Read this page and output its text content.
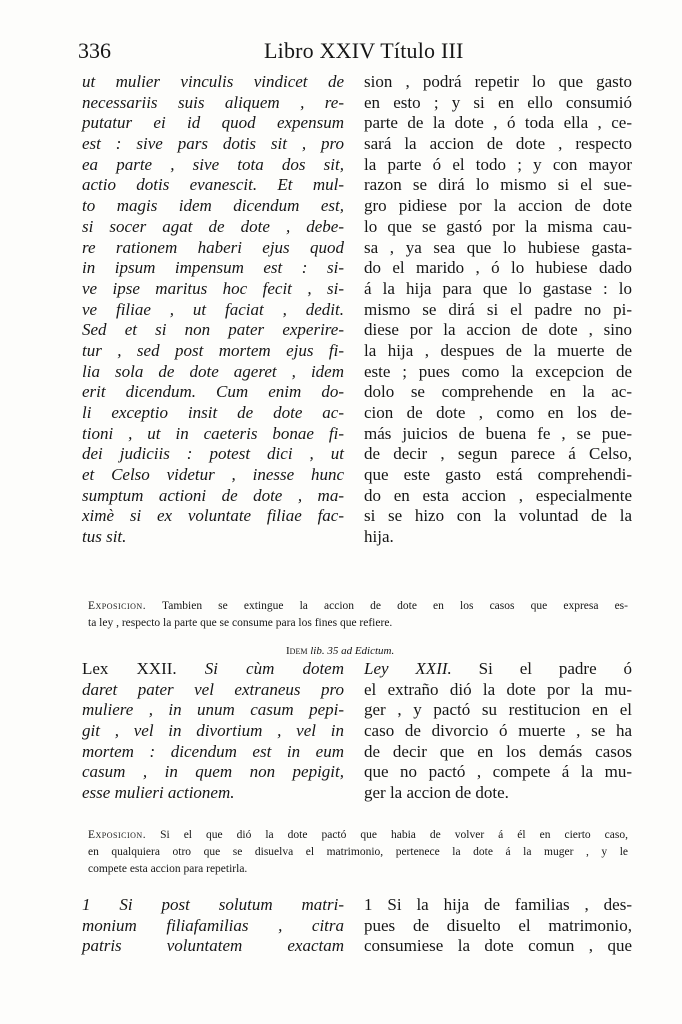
336	Libro XXIV Título III
ut mulier vinculis vindicet de
necessariis suis aliquem , re-
putatur ei id quod expensum
est : sive pars dotis sit , pro
ea parte , sive tota dos sit,
actio dotis evanescit. Et mul-
to magis idem dicendum est,
si socer agat de dote , debe-
re rationem haberi ejus quod
in ipsum impensum est : si-
ve ipse maritus hoc fecit , si-
ve filiae , ut faciat , dedit.
Sed et si non pater experire-
tur , sed post mortem ejus fi-
lia sola de dote ageret , idem
erit dicendum. Cum enim do-
li exceptio insit de dote ac-
tioni , ut in caeteris bonae fi-
dei judiciis : potest dici , ut
et Celso videtur , inesse hunc
sumptum actioni de dote , ma-
ximè si ex voluntate filiae fac-
tus sit.
sion , podrá repetir lo que gasto
en esto ; y si en ello consumió
parte de la dote , ó toda ella , ce-
sará la accion de dote , respecto
la parte ó el todo ; y con mayor
razon se dirá lo mismo si el sue-
gro pidiese por la accion de dote
lo que se gastó por la misma cau-
sa , ya sea que lo hubiese gasta-
do el marido , ó lo hubiese dado
á la hija para que lo gastase : lo
mismo se dirá si el padre no pi-
diese por la accion de dote , sino
la hija , despues de la muerte de
este ; pues como la excepcion de
dolo se comprehende en la ac-
cion de dote , como en los de-
más juicios de buena fe , se pue-
de decir , segun parece á Celso,
que este gasto está comprehendi-
do en esta accion , especialmente
si se hizo con la voluntad de la
hija.
Exposicion. Tambien se extingue la accion de dote en los casos que expresa es-
ta ley , respecto la parte que se consume para los fines que refiere.
Idem lib. 35 ad Edictum.
Lex XXII. Si cùm dotem
daret pater vel extraneus pro
muliere , in unum casum pepi-
git , vel in divortium , vel in
mortem : dicendum est in eum
casum , in quem non pepigit,
esse mulieri actionem.
Ley XXII. Si el padre ó
el extraño dió la dote por la mu-
ger , y pactó su restitucion en el
caso de divorcio ó muerte , se ha
de decir que en los demás casos
que no pactó , compete á la mu-
ger la accion de dote.
Exposicion. Si el que dió la dote pactó que habia de volver á él en cierto caso,
en qualquiera otro que se disuelva el matrimonio, pertenece la dote á la muger , y le
compete esta accion para repetirla.
1 Si post solutum matri-
monium filiafamilias , citra
patris voluntatem exactam
1 Si la hija de familias , des-
pues de disuelto el matrimonio,
consumiese la dote comun , que
